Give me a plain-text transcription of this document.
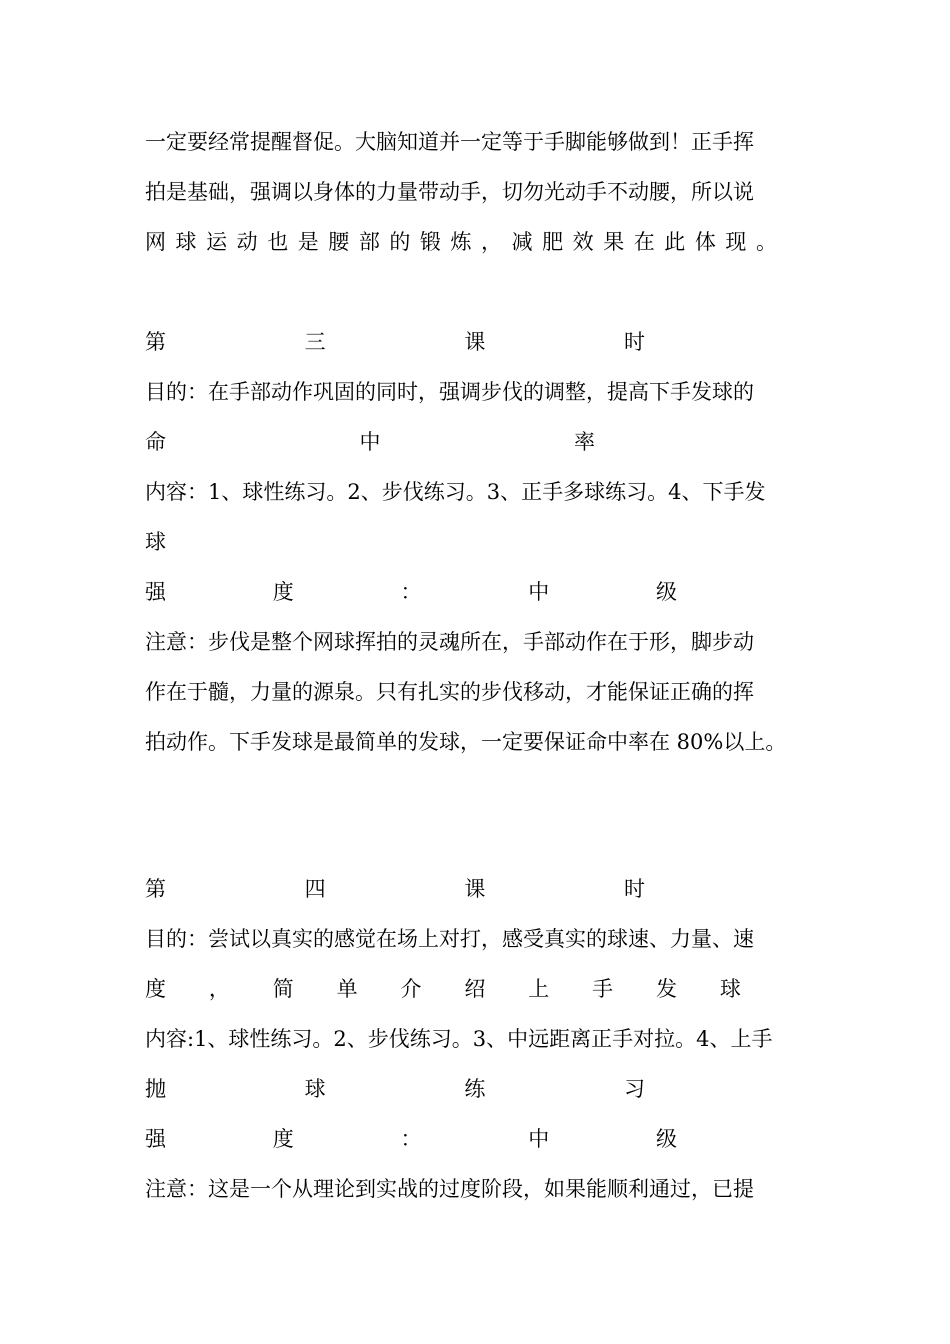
一定要经常提醒督促。大脑知道并一定等于手脚能够做到！正手挥
拍是基础，强调以身体的力量带动手，切勿光动手不动腰，所以说
网 球 运 动 也 是 腰 部 的 锻 炼 ， 减 肥 效 果 在 此 体 现 。
第	三	课	时
目的：在手部动作巩固的同时，强调步伐的调整，提高下手发球的
命	中	率
内容：1、球性练习。2、步伐练习。3、正手多球练习。4、下手发
球
强	度	：	中	级
注意：步伐是整个网球挥拍的灵魂所在，手部动作在于形，脚步动
作在于髓，力量的源泉。只有扎实的步伐移动，才能保证正确的挥
拍动作。下手发球是最简单的发球，一定要保证命中率在 80%以上。
第	四	课	时
目的：尝试以真实的感觉在场上对打，感受真实的球速、力量、速
度 ， 简 单 介 绍 上 手 发 球
内容:1、球性练习。2、步伐练习。3、中远距离正手对拉。4、上手
抛	球	练	习
强	度	：	中	级
注意：这是一个从理论到实战的过度阶段，如果能顺利通过，已提
